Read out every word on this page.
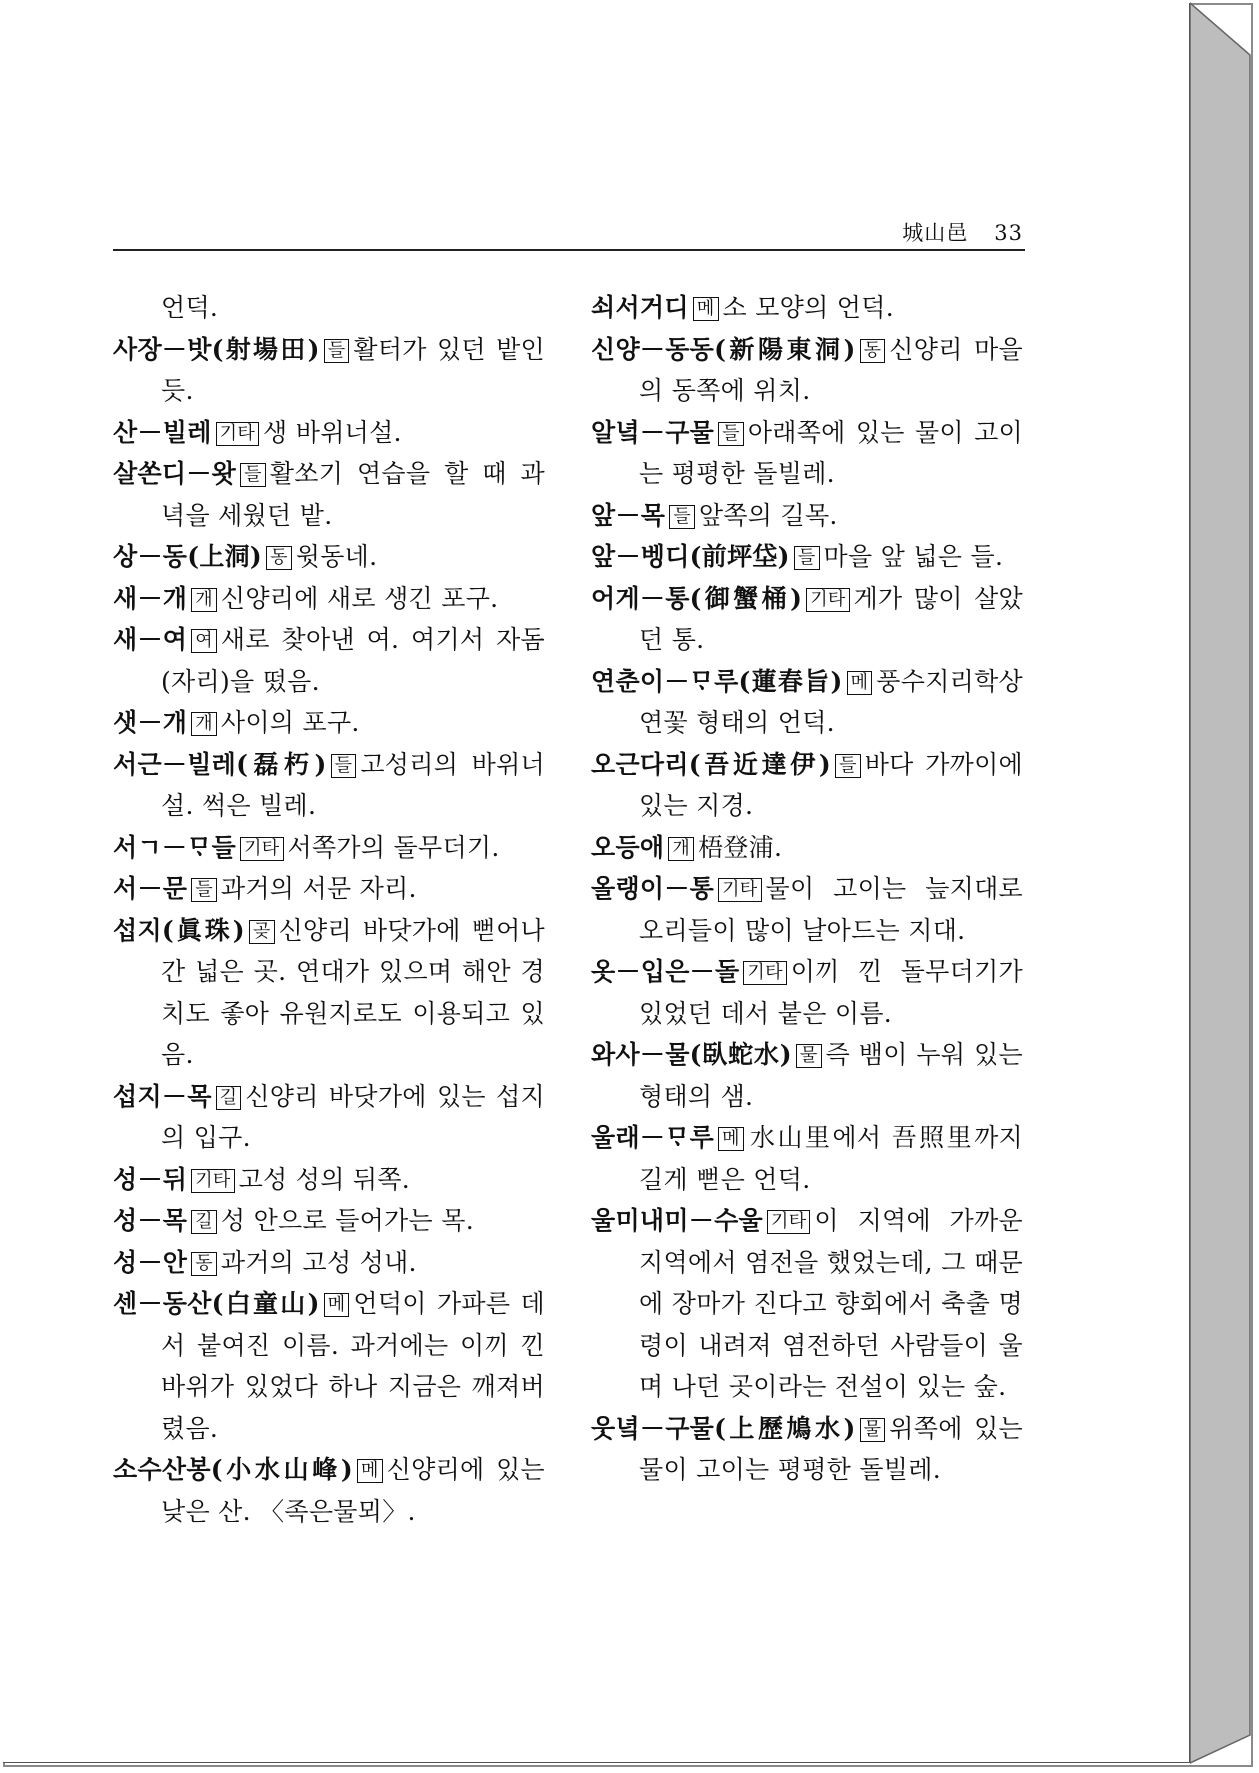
城山邑 33

언덕.

사장－밧(射場田) 들 활터가 있던 밭인 듯.

산－빌레 기타 생 바위너설.

살쏜디－왓 들 활쏘기 연습을 할 때 과녁을 세웠던 밭.

상－동(上洞) 동 윗동네.

새－개 개 신양리에 새로 생긴 포구.

새－여 여 새로 찾아낸 여. 여기서 자돔(자리)을 떴음.

샛－개 개 사이의 포구.

서근－빌레(磊朽) 들 고성리의 바위너설. 썩은 빌레.

서ㄱ－ᄆᆞ들 기타 서쪽가의 돌무더기.

서－문 들 과거의 서문 자리.

섭지(眞珠) 곶 신양리 바닷가에 뻗어나간 넓은 곳. 연대가 있으며 해안 경치도 좋아 유원지로도 이용되고 있음.

섭지－목 길 신양리 바닷가에 있는 섭지의 입구.

성－뒤 기타 고성 성의 뒤쪽.

성－목 길 성 안으로 들어가는 목.

성－안 동 과거의 고성 성내.

센－동산(白童山) 메 언덕이 가파른 데서 붙여진 이름. 과거에는 이끼 낀 바위가 있었다 하나 지금은 깨져버렸음.

소수산봉(小水山峰) 메 신양리에 있는 낮은 산. 〈족은물뫼〉.

쇠서거디 메 소 모양의 언덕.

신양－동동(新陽東洞) 동 신양리 마을의 동쪽에 위치.

알녘－구물 들 아래쪽에 있는 물이 고이는 평평한 돌빌레.

앞－목 들 앞쪽의 길목.

앞－벵디(前坪垈) 들 마을 앞 넓은 들.

어게－통(御蟹桶) 기타 게가 많이 살았던 통.

연춘이－ᄆᆞ루(蓮春旨) 메 풍수지리학상 연꽃 형태의 언덕.

오근다리(吾近達伊) 들 바다 가까이에 있는 지경.

오등애 개 梧登浦.

올랭이－통 기타 물이 고이는 늪지대로 오리들이 많이 날아드는 지대.

옷－입은－돌 기타 이끼 낀 돌무더기가 있었던 데서 붙은 이름.

와사－물(臥蛇水) 물 즉 뱀이 누워 있는 형태의 샘.

울래－ᄆᆞ루 메 水山里에서 吾照里까지 길게 뻗은 언덕.

울미내미－수울 기타 이 지역에 가까운 지역에서 염전을 했었는데, 그 때문에 장마가 진다고 향회에서 축출 명령이 내려져 염전하던 사람들이 울며 나던 곳이라는 전설이 있는 숲.

웃녘－구물(上歷鳩水) 물 위쪽에 있는 물이 고이는 평평한 돌빌레.
